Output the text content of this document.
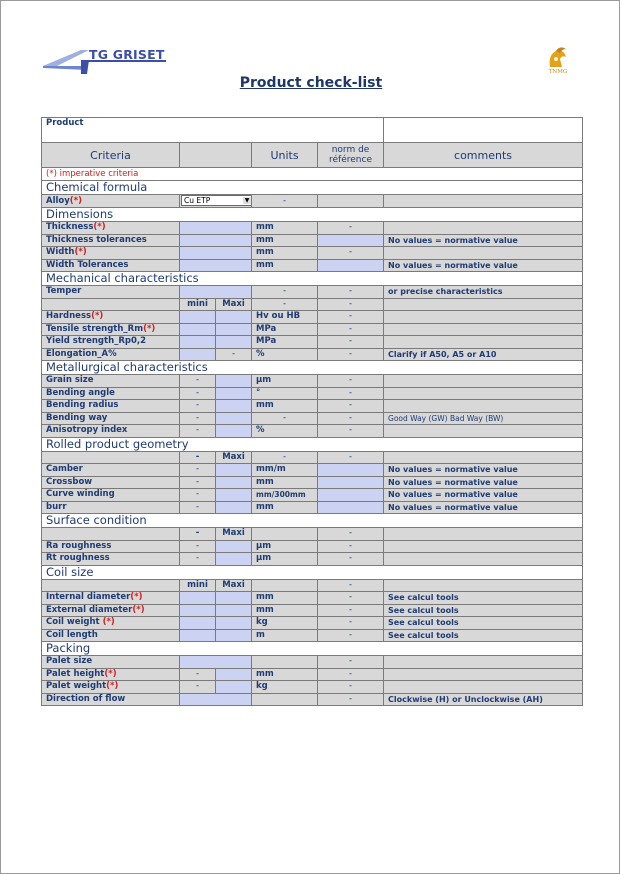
TG GRISET
TNMG
Product check-list
Product					
Criteria			Units	norm de référence	comments
(*) imperative criteria					
Chemical formula					
Alloy(*)	Cu ETP ▼		-		
Dimensions					
Thickness(*)			mm	-	
Thickness tolerances			mm		No values = normative value
Width(*)			mm	-	
Width Tolerances			mm		No values = normative value
Mechanical characteristics					
Temper			-	-	or precise characteristics
	mini	Maxi	-	-	
Hardness(*)			Hv ou HB	-	
Tensile strength_Rm(*)			MPa	-	
Yield strength_Rp0,2			MPa	-	
Elongation_A%		-	%	-	Clarify if A50, A5 or A10
Metallurgical characteristics					
Grain size	-		µm	-	
Bending angle	-		°	-	
Bending radius	-		mm	-	
Bending way	-		-	-	Good Way (GW) Bad Way (BW)
Anisotropy index	-		%	-	
Rolled product geometry					
	-	Maxi	-	-	
Camber	-		mm/m		No values = normative value
Crossbow	-		mm		No values = normative value
Curve winding	-		mm/300mm		No values = normative value
burr	-		mm		No values = normative value
Surface condition					
	-	Maxi		-	
Ra roughness	-		µm	-	
Rt roughness	-		µm	-	
Coil size					
	mini	Maxi		-	
Internal diameter(*)			mm	-	See calcul tools
External diameter(*)			mm	-	See calcul tools
Coil weight (*)			kg	-	See calcul tools
Coil length			m	-	See calcul tools
Packing					
Palet size				-	
Palet height(*)	-		mm	-	
Palet weight(*)	-		kg	-	
Direction of flow				-	Clockwise (H) or Unclockwise (AH)
